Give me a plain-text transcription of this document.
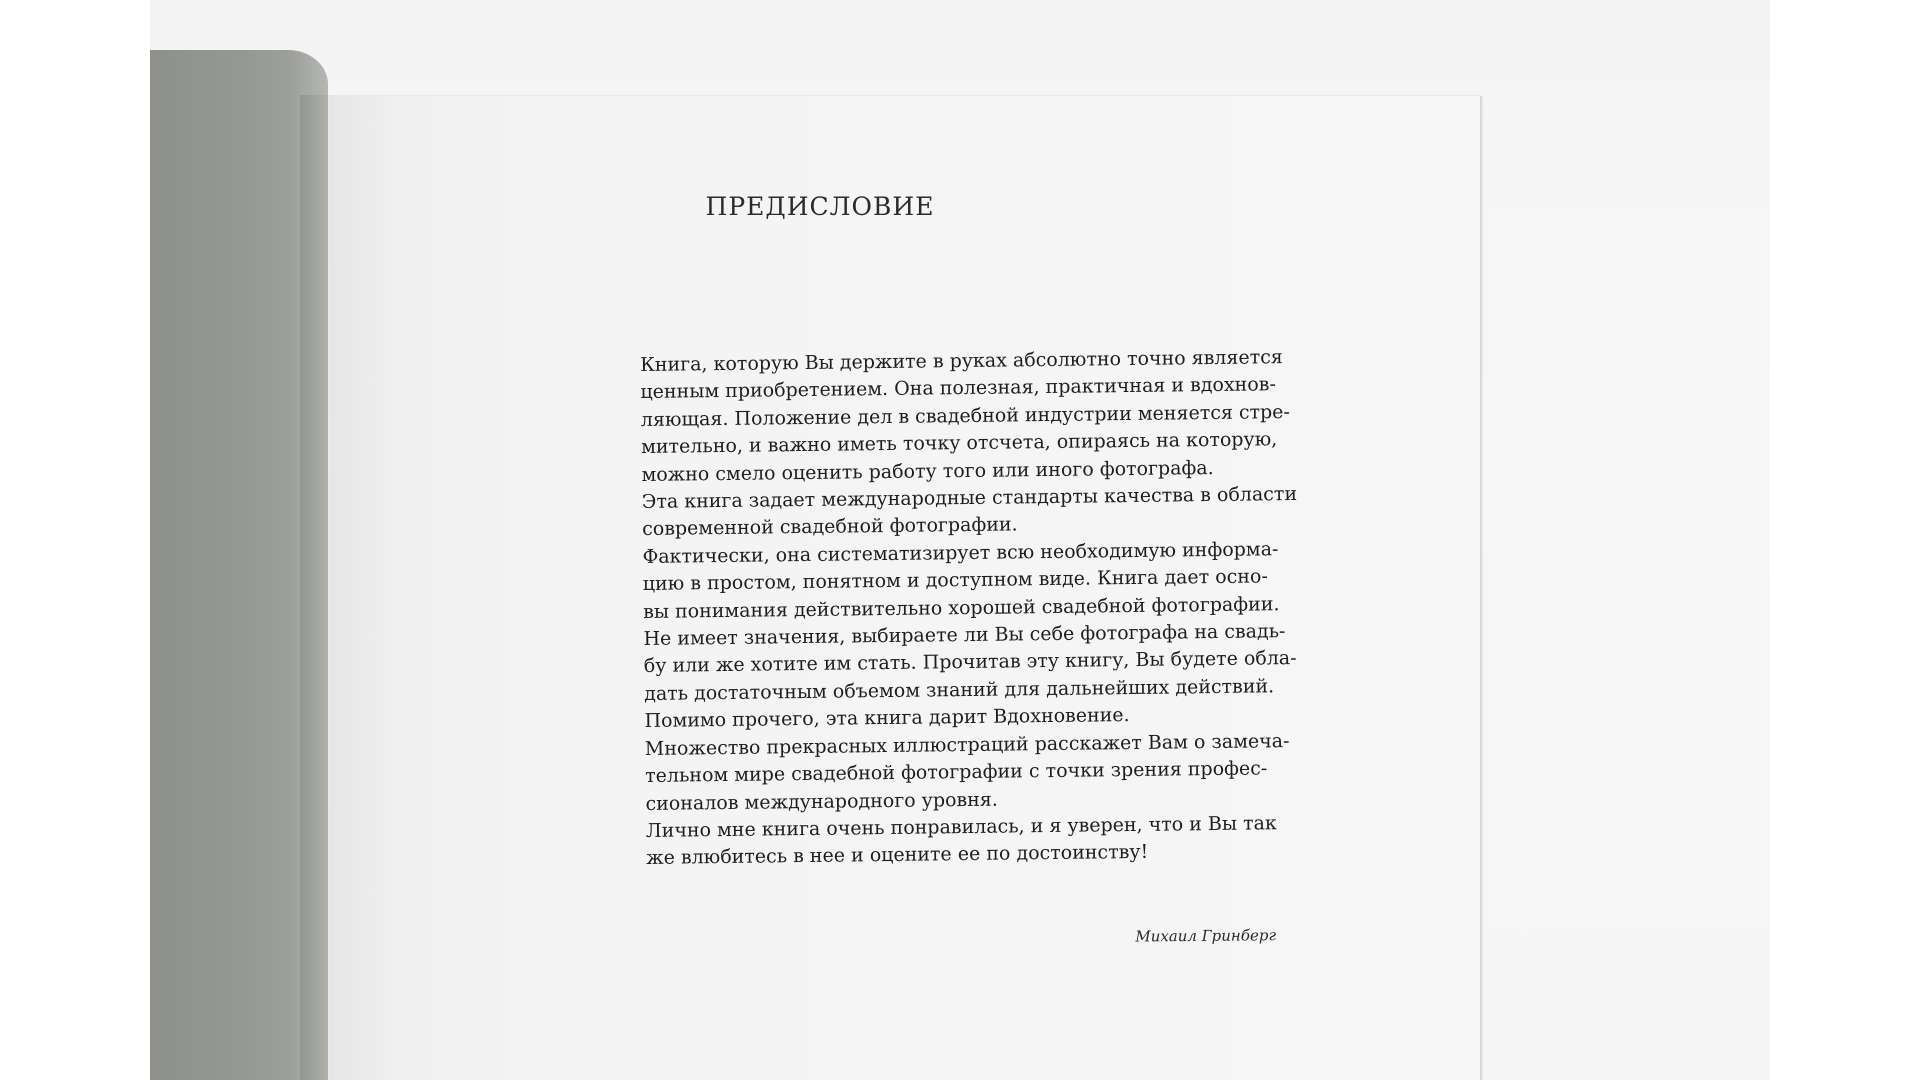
ПРЕДИСЛОВИЕ
Книга, которую Вы держите в руках абсолютно точно является
ценным приобретением. Она полезная, практичная и вдохнов-
ляющая. Положение дел в свадебной индустрии меняется стре-
мительно, и важно иметь точку отсчета, опираясь на которую,
можно смело оценить работу того или иного фотографа.
Эта книга задает международные стандарты качества в области
современной свадебной фотографии.
Фактически, она систематизирует всю необходимую информа-
цию в простом, понятном и доступном виде. Книга дает осно-
вы понимания действительно хорошей свадебной фотографии.
Не имеет значения, выбираете ли Вы себе фотографа на свадь-
бу или же хотите им стать. Прочитав эту книгу, Вы будете обла-
дать достаточным объемом знаний для дальнейших действий.
Помимо прочего, эта книга дарит Вдохновение.
Множество прекрасных иллюстраций расскажет Вам о замеча-
тельном мире свадебной фотографии с точки зрения профес-
сионалов международного уровня.
Лично мне книга очень понравилась, и я уверен, что и Вы так
же влюбитесь в нее и оцените ее по достоинству!
Михаил Гринберг
